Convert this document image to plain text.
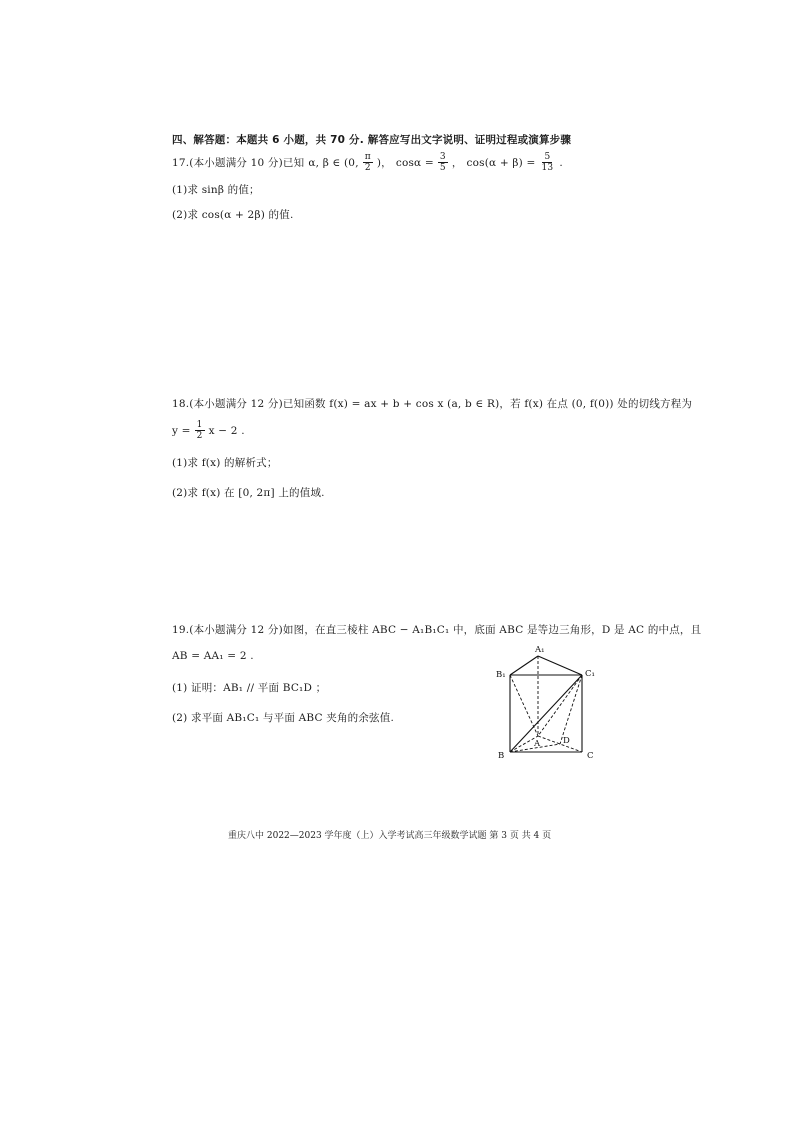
四、解答题：本题共 6 小题，共 70 分. 解答应写出文字说明、证明过程或演算步骤
17.(本小题满分 10 分)已知 α, β ∈ (0, $\frac{\pi}{2}$ )， $\cos\alpha = \frac{3}{5}$ ， $\cos(\alpha + \beta) = \frac{5}{13}$ .
(1)求 sinβ 的值；
(2)求 cos(α + 2β) 的值.
18.(本小题满分 12 分)已知函数 f(x) = ax + b + cos x (a, b ∈ R)，若 f(x) 在点 (0, f(0)) 处的切线方程为
$y = \frac{1}{2}$ x − 2 .
(1)求 f(x) 的解析式；
(2)求 f(x) 在 [0, 2π] 上的值域.
19.(本小题满分 12 分)如图，在直三棱柱 ABC − A₁B₁C₁ 中，底面 ABC 是等边三角形，D 是 AC 的中点，且
AB = AA₁ = 2 .
(1) 证明：AB₁ // 平面 BC₁D ；
(2) 求平面 AB₁C₁ 与平面 ABC 夹角的余弦值.
A₁
B₁	C₁
A
B	C
D
重庆八中 2022—2023 学年度（上）入学考试高三年级数学试题 第 3 页 共 4 页
